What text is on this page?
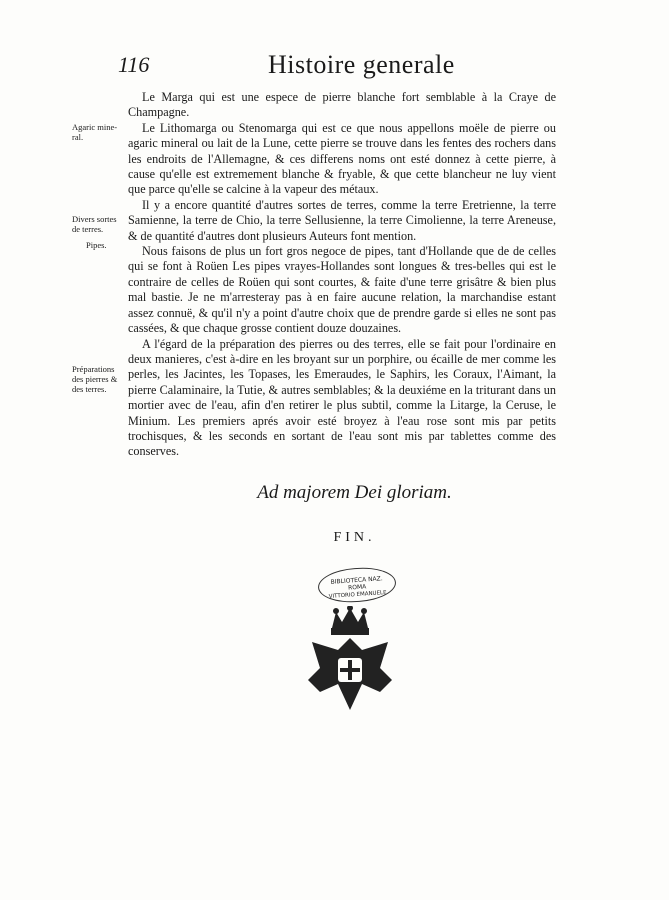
116	Histoire generale
Agaric mine-ral.
Divers sortes de terres.
Pipes.
Préparations des pierres & des terres.

Le Marga qui est une espece de pierre blanche fort semblable à la Craye de Champagne.

Le Lithomarga ou Stenomarga qui est ce que nous appellons moële de pierre ou agaric mineral ou lait de la Lune, cette pierre se trouve dans les fentes des rochers dans les endroits de l'Allemagne, & ces differens noms ont esté donnez à cette pierre, à cause qu'elle est extremement blanche & fryable, & que cette blancheur ne luy vient que parce qu'elle se calcine à la vapeur des métaux.

Il y a encore quantité d'autres sortes de terres, comme la terre Eretrienne, la terre Samienne, la terre de Chio, la terre Sellusienne, la terre Cimolienne, la terre Areneuse, & de quantité d'autres dont plusieurs Auteurs font mention.

Nous faisons de plus un fort gros negoce de pipes, tant d'Hollande que de de celles qui se font à Roüen Les pipes vrayes-Hollandes sont longues & tres-belles qui est le contraire de celles de Roüen qui sont courtes, & faite d'une terre grisâtre & bien plus mal bastie. Je ne m'arresteray pas à en faire aucune relation, la marchandise estant assez connuë, & qu'il n'y a point d'autre choix que de prendre garde si elles ne sont pas cassées, & que chaque grosse contient douze douzaines.

A l'égard de la préparation des pierres ou des terres, elle se fait pour l'ordinaire en deux manieres, c'est à-dire en les broyant sur un porphire, ou écaille de mer comme les perles, les Jacintes, les Topases, les Emeraudes, le Saphirs, les Coraux, l'Aimant, la pierre Calaminaire, la Tutie, & autres semblables; & la deuxiéme en la triturant dans un mortier avec de l'eau, afin d'en retirer le plus subtil, comme la Litarge, la Ceruse, le Minium. Les premiers aprés avoir esté broyez à l'eau rose sont mis par petits trochisques, & les seconds en sortant de l'eau sont mis par tablettes comme des conserves.

Ad majorem Dei gloriam.
FIN.
BIBLIOTECA NAZ.
ROMA
VITTORIO EMANUELE
